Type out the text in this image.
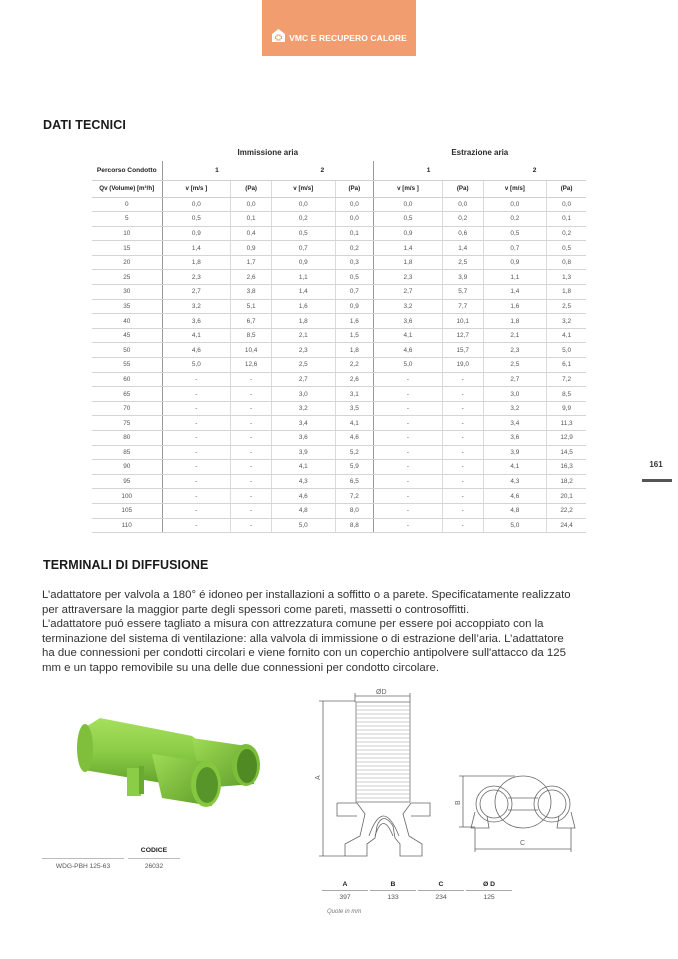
VMC E RECUPERO CALORE
DATI TECNICI
	Immissione aria				Estrazione aria			
Percorso Condotto	1		2		1		2	
Qv (Volume) [m³/h]	v [m/s ]	(Pa)	v [m/s]	(Pa)	v [m/s ]	(Pa)	v [m/s]	(Pa)
0	0,0	0,0	0,0	0,0	0,0	0,0	0,0	0,0
5	0,5	0,1	0,2	0,0	0,5	0,2	0,2	0,1
10	0,9	0,4	0,5	0,1	0,9	0,6	0,5	0,2
15	1,4	0,9	0,7	0,2	1,4	1,4	0,7	0,5
20	1,8	1,7	0,9	0,3	1,8	2,5	0,9	0,8
25	2,3	2,6	1,1	0,5	2,3	3,9	1,1	1,3
30	2,7	3,8	1,4	0,7	2,7	5,7	1,4	1,8
35	3,2	5,1	1,6	0,9	3,2	7,7	1,6	2,5
40	3,6	6,7	1,8	1,6	3,6	10,1	1,8	3,2
45	4,1	8,5	2,1	1,5	4,1	12,7	2,1	4,1
50	4,6	10,4	2,3	1,8	4,6	15,7	2,3	5,0
55	5,0	12,6	2,5	2,2	5,0	19,0	2,5	6,1
60	-	-	2,7	2,6	-	-	2,7	7,2
65	-	-	3,0	3,1	-	-	3,0	8,5
70	-	-	3,2	3,5	-	-	3,2	9,9
75	-	-	3,4	4,1	-	-	3,4	11,3
80	-	-	3,6	4,6	-	-	3,6	12,9
85	-	-	3,9	5,2	-	-	3,9	14,5
90	-	-	4,1	5,9	-	-	4,1	16,3
95	-	-	4,3	6,5	-	-	4,3	18,2
100	-	-	4,6	7,2	-	-	4,6	20,1
105	-	-	4,8	8,0	-	-	4,8	22,2
110	-	-	5,0	8,8	-	-	5,0	24,4
161
TERMINALI DI DIFFUSIONE
L’adattatore per valvola a 180° é idoneo per installazioni a soffitto o a parete. Specificatamente realizzato
per attraversare la maggior parte degli spessori come pareti, massetti o controsoffitti.
L’adattatore puó essere tagliato a misura con attrezzatura comune per essere poi accoppiato con la
terminazione del sistema di ventilazione: alla valvola di immissione o di estrazione dell’aria. L’adattatore
ha due connessioni per condotti circolari e viene fornito con un coperchio antipolvere sull'attacco da 125
mm e un tappo removibile su una delle due connessioni per condotto circolare.
		CODICE
WDG-PBH 125-63		26032
ØD
A
B
C
A		B		C		Ø D
397		133		234		125
Quote in mm
